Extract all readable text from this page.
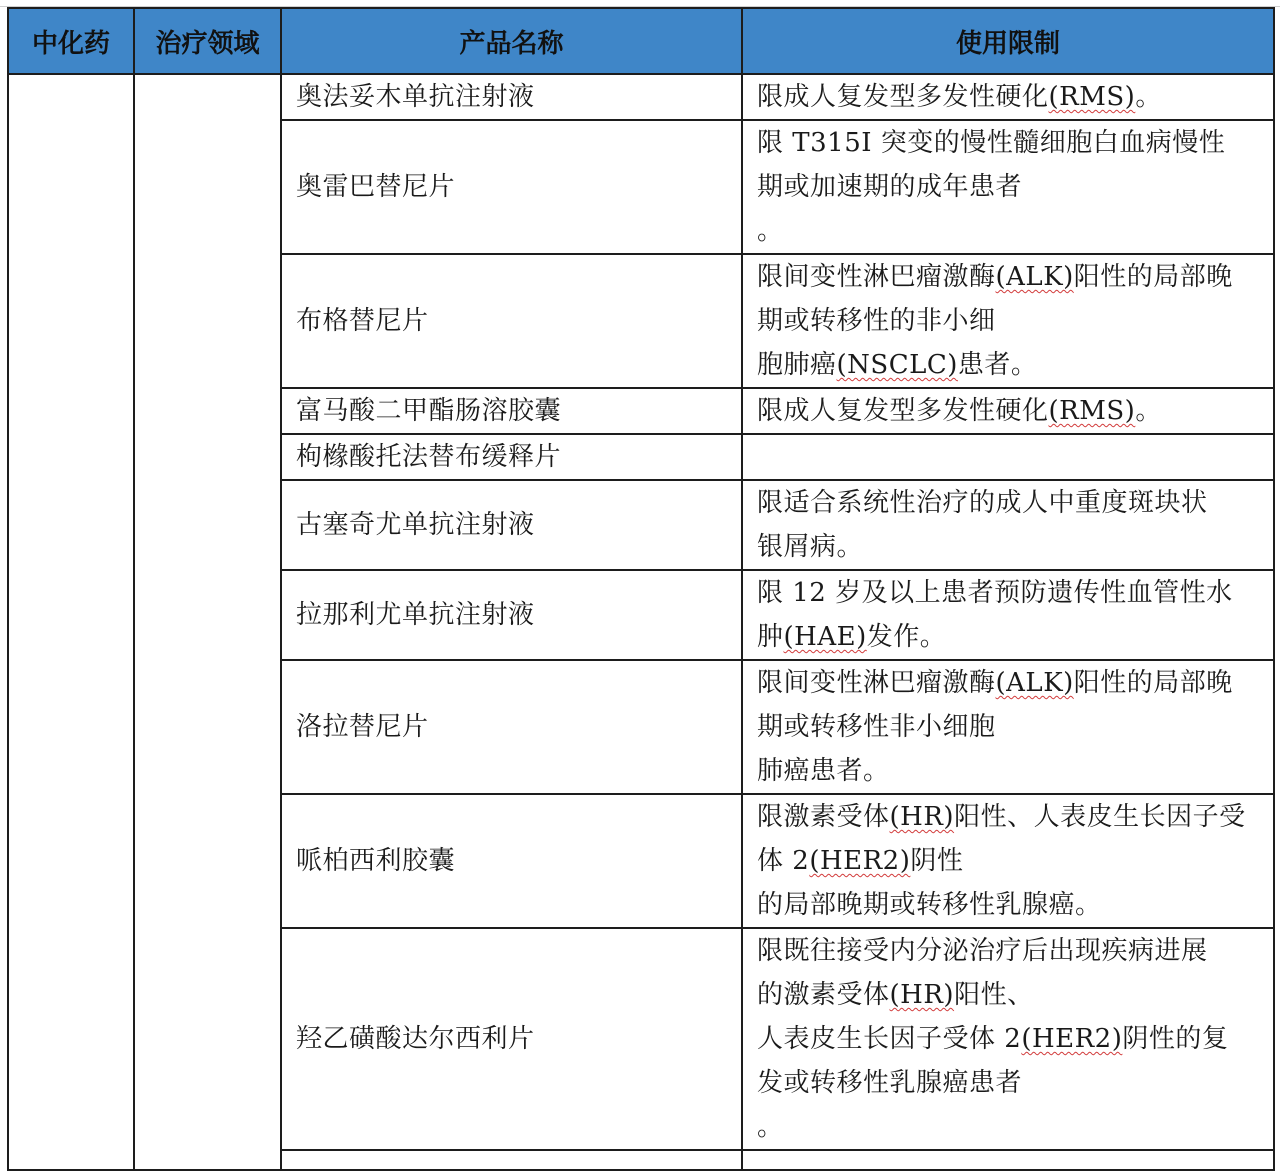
中化药	治疗领域	产品名称	使用限制
		奥法妥木单抗注射液	限成人复发型多发性硬化(RMS)。

		奥雷巴替尼片	限 T315I 突变的慢性髓细胞白血病慢性
期或加速期的成年患者
。

		布格替尼片	限间变性淋巴瘤激酶(ALK)阳性的局部晚
期或转移性的非小细
胞肺癌(NSCLC)患者。

		富马酸二甲酯肠溶胶囊	限成人复发型多发性硬化(RMS)。

		枸橼酸托法替布缓释片	
		古塞奇尤单抗注射液	限适合系统性治疗的成人中重度斑块状
银屑病。

		拉那利尤单抗注射液	限 12 岁及以上患者预防遗传性血管性水
肿(HAE)发作。

		洛拉替尼片	限间变性淋巴瘤激酶(ALK)阳性的局部晚
期或转移性非小细胞
肺癌患者。

		哌柏西利胶囊	限激素受体(HR)阳性、人表皮生长因子受
体 2(HER2)阴性
的局部晚期或转移性乳腺癌。

		羟乙磺酸达尔西利片	限既往接受内分泌治疗后出现疾病进展
的激素受体(HR)阳性、
人表皮生长因子受体 2(HER2)阴性的复
发或转移性乳腺癌患者
。
